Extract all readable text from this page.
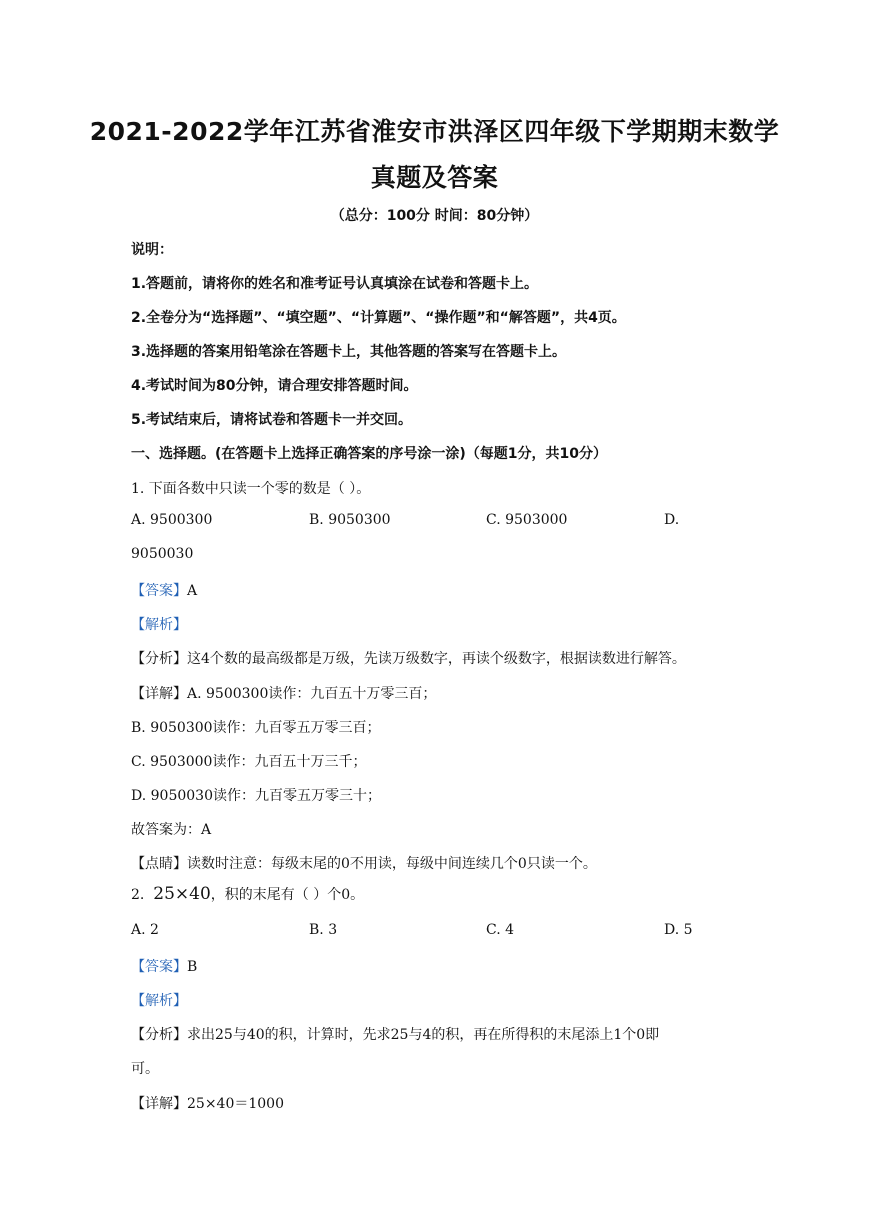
2021-2022学年江苏省淮安市洪泽区四年级下学期期末数学
真题及答案
（总分：100分 时间：80分钟）
说明：
1.答题前，请将你的姓名和准考证号认真填涂在试卷和答题卡上。
2.全卷分为“选择题”、“填空题”、“计算题”、“操作题”和“解答题”，共4页。
3.选择题的答案用铅笔涂在答题卡上，其他答题的答案写在答题卡上。
4.考试时间为80分钟，请合理安排答题时间。
5.考试结束后，请将试卷和答题卡一并交回。
一、选择题。(在答题卡上选择正确答案的序号涂一涂)（每题1分，共10分）
1. 下面各数中只读一个零的数是（ ）。
A. 9500300	B. 9050300	C. 9503000	D.
9050030
【答案】A
【解析】
【分析】这4个数的最高级都是万级，先读万级数字，再读个级数字，根据读数进行解答。
【详解】A. 9500300读作：九百五十万零三百；
B. 9050300读作：九百零五万零三百；
C. 9503000读作：九百五十万三千；
D. 9050030读作：九百零五万零三十；
故答案为：A
【点睛】读数时注意：每级末尾的0不用读，每级中间连续几个0只读一个。
2. 25×40，积的末尾有（ ）个0。
A. 2	B. 3	C. 4	D. 5
【答案】B
【解析】
【分析】求出25与40的积，计算时，先求25与4的积，再在所得积的末尾添上1个0即
可。
【详解】25×40＝1000
